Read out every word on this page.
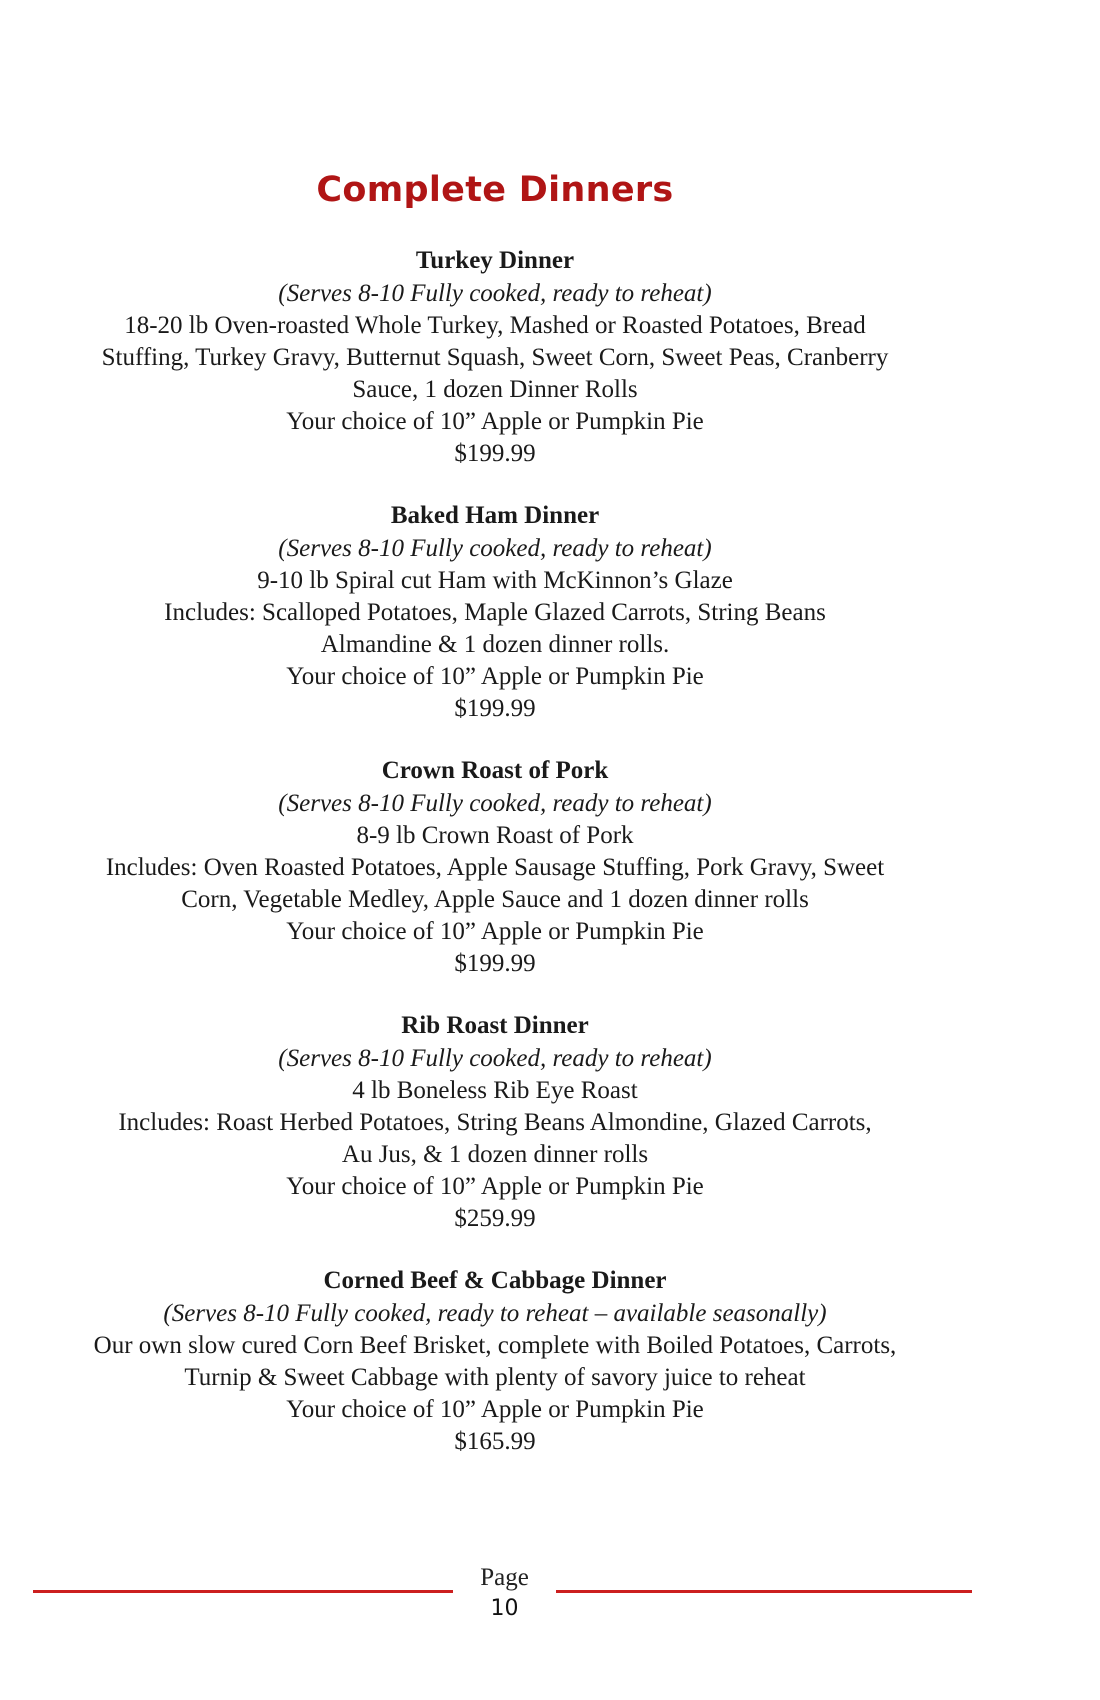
Complete Dinners
Turkey Dinner
(Serves 8-10 Fully cooked, ready to reheat)
18-20 lb Oven-roasted Whole Turkey, Mashed or Roasted Potatoes, Bread
Stuffing, Turkey Gravy, Butternut Squash, Sweet Corn, Sweet Peas, Cranberry
Sauce, 1 dozen Dinner Rolls
Your choice of 10” Apple or Pumpkin Pie
$199.99
Baked Ham Dinner
(Serves 8-10 Fully cooked, ready to reheat)
9-10 lb Spiral cut Ham with McKinnon’s Glaze
Includes: Scalloped Potatoes, Maple Glazed Carrots, String Beans
Almandine & 1 dozen dinner rolls.
Your choice of 10” Apple or Pumpkin Pie
$199.99
Crown Roast of Pork
(Serves 8-10 Fully cooked, ready to reheat)
8-9 lb Crown Roast of Pork
Includes: Oven Roasted Potatoes, Apple Sausage Stuffing, Pork Gravy, Sweet
Corn, Vegetable Medley, Apple Sauce and 1 dozen dinner rolls
Your choice of 10” Apple or Pumpkin Pie
$199.99
Rib Roast Dinner
(Serves 8-10 Fully cooked, ready to reheat)
4 lb Boneless Rib Eye Roast
Includes: Roast Herbed Potatoes, String Beans Almondine, Glazed Carrots,
Au Jus, & 1 dozen dinner rolls
Your choice of 10” Apple or Pumpkin Pie
$259.99
Corned Beef & Cabbage Dinner
(Serves 8-10 Fully cooked, ready to reheat – available seasonally)
Our own slow cured Corn Beef Brisket, complete with Boiled Potatoes, Carrots,
Turnip & Sweet Cabbage with plenty of savory juice to reheat
Your choice of 10” Apple or Pumpkin Pie
$165.99
Page
10
